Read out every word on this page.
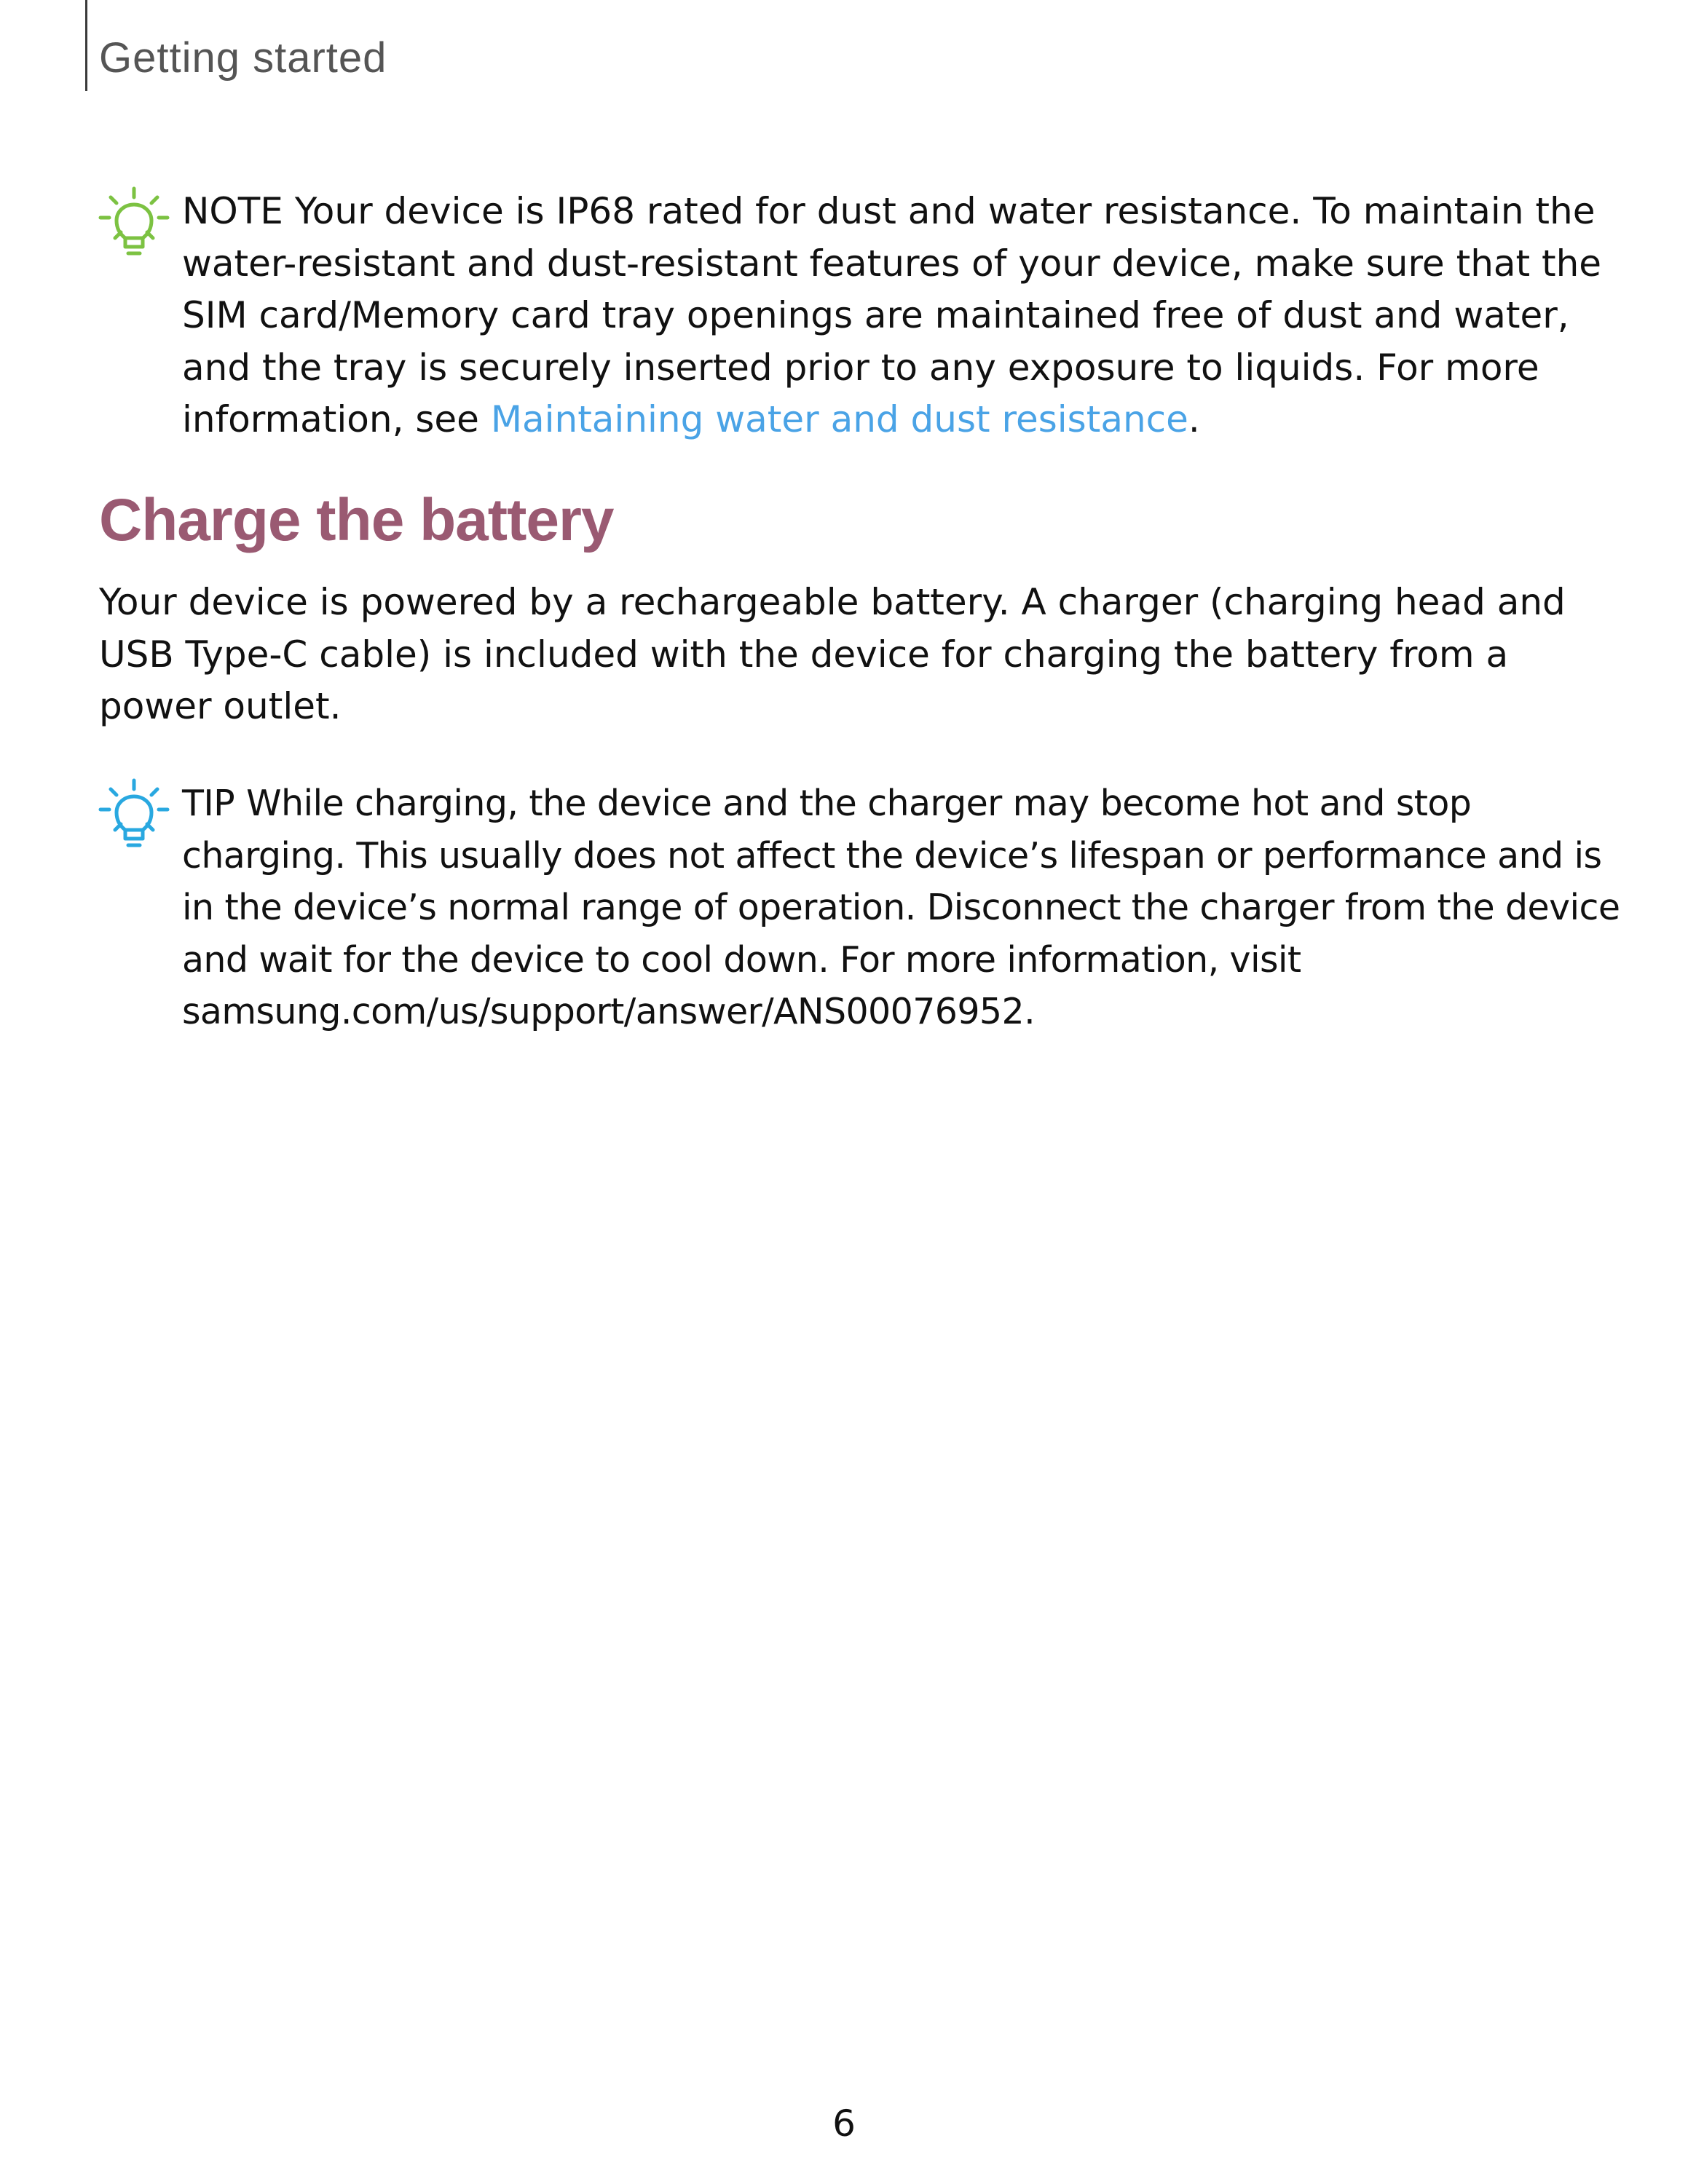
Getting started

NOTE Your device is IP68 rated for dust and water resistance. To maintain the water-resistant and dust-resistant features of your device, make sure that the SIM card/Memory card tray openings are maintained free of dust and water, and the tray is securely inserted prior to any exposure to liquids. For more information, see Maintaining water and dust resistance.

Charge the battery

Your device is powered by a rechargeable battery. A charger (charging head and USB Type-C cable) is included with the device for charging the battery from a power outlet.

TIP While charging, the device and the charger may become hot and stop charging. This usually does not affect the device’s lifespan or performance and is in the device’s normal range of operation. Disconnect the charger from the device and wait for the device to cool down. For more information, visit samsung.com/us/support/answer/ANS00076952.

6
